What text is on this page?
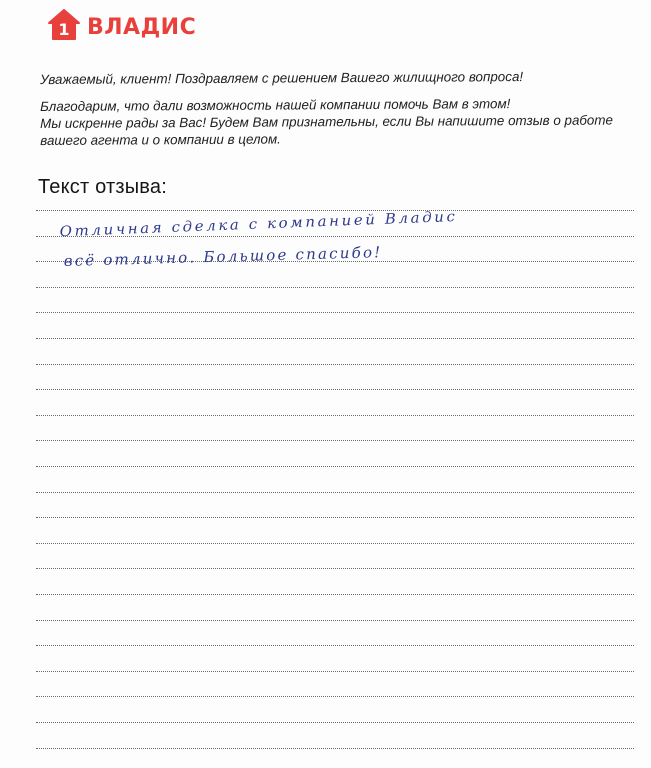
1 ВЛАДИС
Уважаемый, клиент! Поздравляем с решением Вашего жилищного вопроса!
Благодарим, что дали возможность нашей компании помочь Вам в этом!
Мы искренне рады за Вас! Будем Вам признательны, если Вы напишите отзыв о работе
вашего агента и о компании в целом.
Текст отзыва:
Отличная сделка с компанией Владис
всё отлично. Большое спасибо!
